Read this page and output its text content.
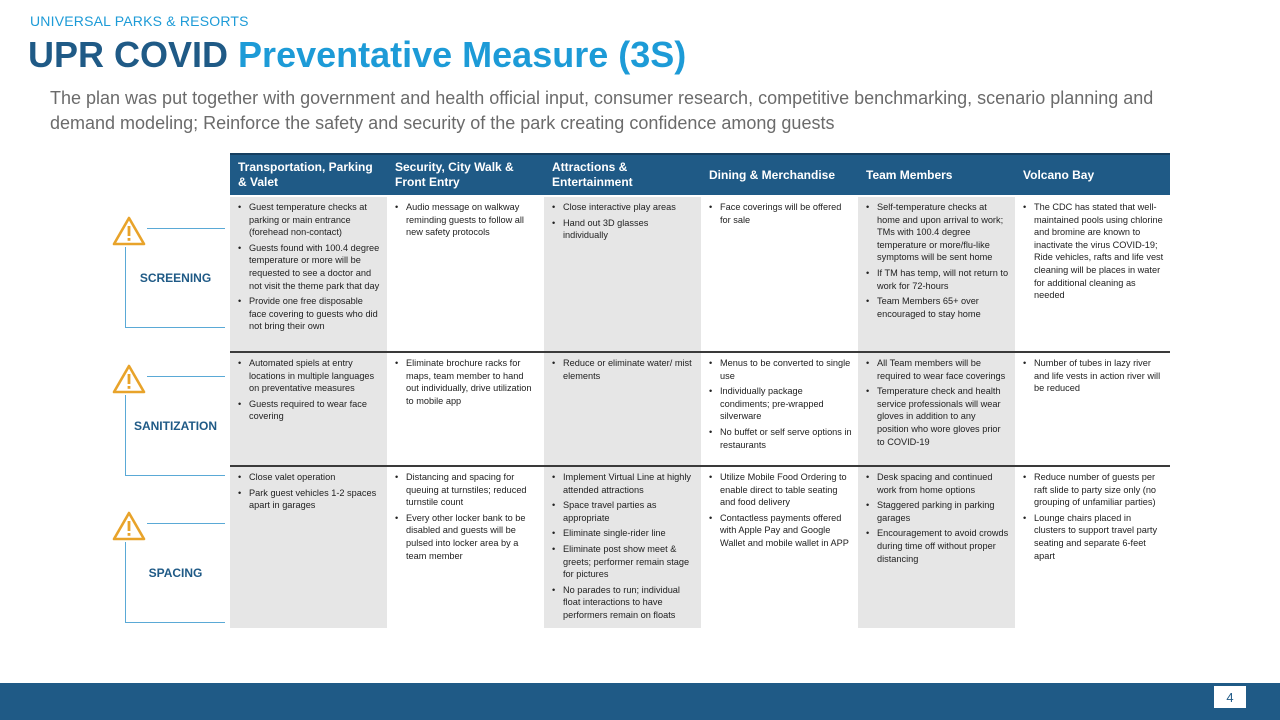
UNIVERSAL PARKS & RESORTS
UPR COVID Preventative Measure (3S)
The plan was put together with government and health official input, consumer research, competitive benchmarking, scenario planning and demand modeling; Reinforce the safety and security of the park creating confidence among guests
Transportation, Parking & Valet
Security, City Walk & Front Entry
Attractions & Entertainment
Dining & Merchandise	Team Members	Volcano Bay
• Guest temperature checks at parking or main entrance (forehead non-contact)
• Guests found with 100.4 degree temperature or more will be requested to see a doctor and not visit the theme park that day
• Provide one free disposable face covering to guests who did not bring their own
• Audio message on walkway reminding guests to follow all new safety protocols
• Close interactive play areas
• Hand out 3D glasses individually
• Face coverings will be offered for sale
• Self-temperature checks at home and upon arrival to work; TMs with 100.4 degree temperature or more/flu-like symptoms will be sent home
• If TM has temp, will not return to work for 72-hours
• Team Members 65+ over encouraged to stay home
• The CDC has stated that well-maintained pools using chlorine and bromine are known to inactivate the virus COVID-19; Ride vehicles, rafts and life vest cleaning will be places in water for additional cleaning as needed
• Automated spiels at entry locations in multiple languages on preventative measures
• Guests required to wear face covering
• Eliminate brochure racks for maps, team member to hand out individually, drive utilization to mobile app
• Reduce or eliminate water/ mist elements
• Menus to be converted to single use
• Individually package condiments; pre-wrapped silverware
• No buffet or self serve options in restaurants
• All Team members will be required to wear face coverings
• Temperature check and health service professionals will wear gloves in addition to any position who wore gloves prior to COVID-19
• Number of tubes in lazy river and life vests in action river will be reduced
• Close valet operation
• Park guest vehicles 1-2 spaces apart in garages
• Distancing and spacing for queuing at turnstiles; reduced turnstile count
• Every other locker bank to be disabled and guests will be pulsed into locker area by a team member
• Implement Virtual Line at highly attended attractions
• Space travel parties as appropriate
• Eliminate single-rider line
• Eliminate post show meet & greets; performer remain stage for pictures
• No parades to run; individual float interactions to have performers remain on floats
• Utilize Mobile Food Ordering to enable direct to table seating and food delivery
• Contactless payments offered with Apple Pay and Google Wallet and mobile wallet in APP
• Desk spacing and continued work from home options
• Staggered parking in parking garages
• Encouragement to avoid crowds during time off without proper distancing
• Reduce number of guests per raft slide to party size only (no grouping of unfamiliar parties)
• Lounge chairs placed in clusters to support travel party seating and separate 6-feet apart
SCREENING
SANITIZATION
SPACING
4
